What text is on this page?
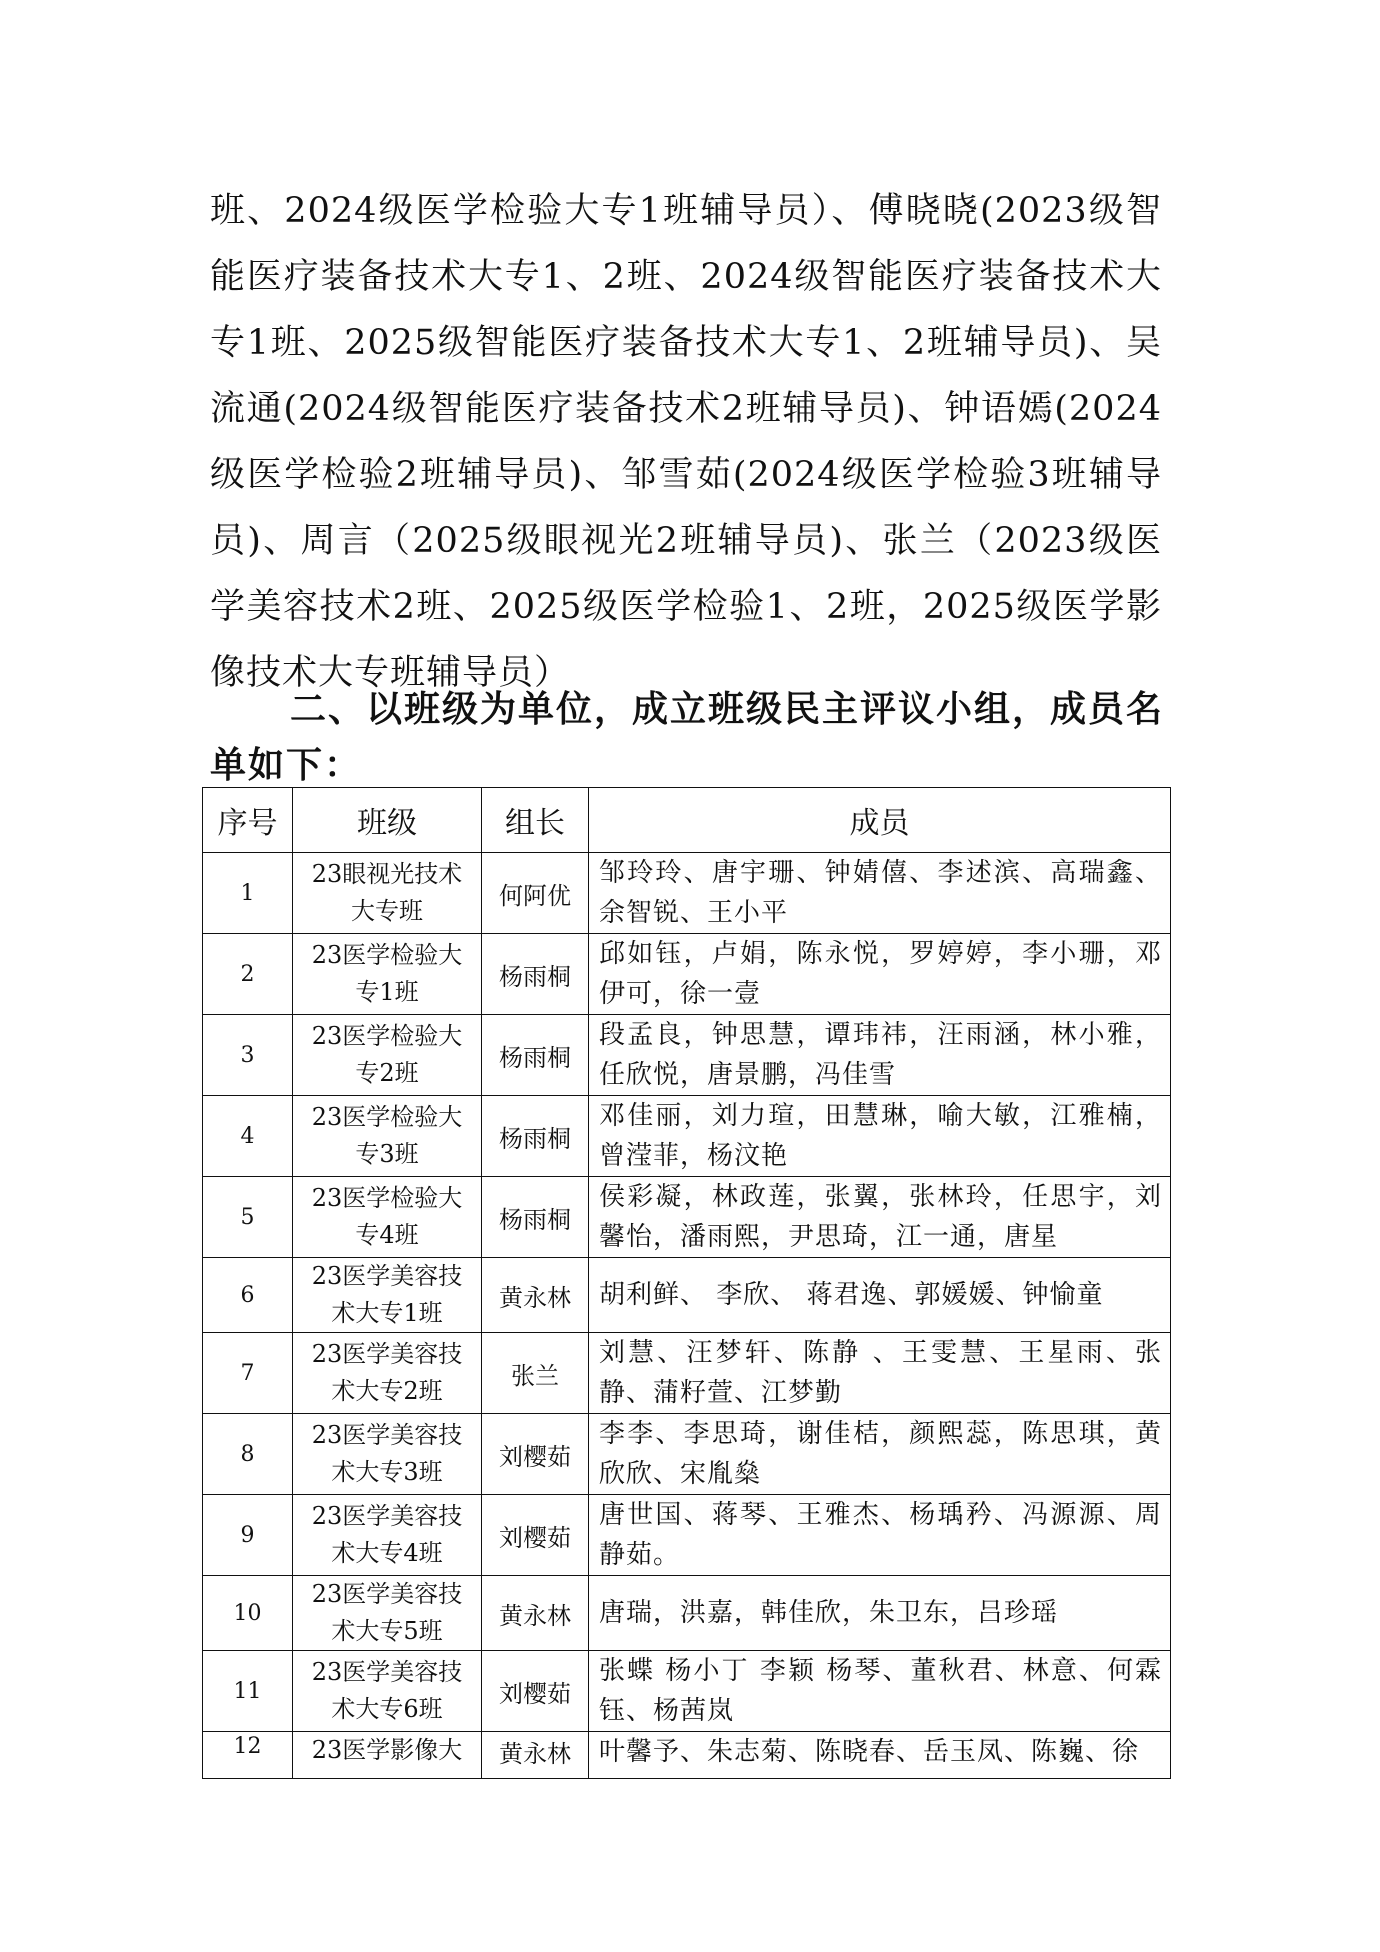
班、2024级医学检验大专1班辅导员）、傅晓晓(2023级智能医疗装备技术大专1、2班、2024级智能医疗装备技术大专1班、2025级智能医疗装备技术大专1、2班辅导员)、吴流通(2024级智能医疗装备技术2班辅导员)、钟语嫣(2024级医学检验2班辅导员)、邹雪茹(2024级医学检验3班辅导员)、周言（2025级眼视光2班辅导员)、张兰（2023级医学美容技术2班、2025级医学检验1、2班，2025级医学影像技术大专班辅导员）

二、以班级为单位，成立班级民主评议小组，成员名单如下：

序号	班级	组长	成员
1	23眼视光技术大专班	何阿优	邹玲玲、唐宇珊、钟婧僖、李述滨、高瑞鑫、余智锐、王小平
2	23医学检验大专1班	杨雨桐	邱如钰，卢娟，陈永悦，罗婷婷，李小珊，邓伊可，徐一壹
3	23医学检验大专2班	杨雨桐	段孟良，钟思慧，谭玮祎，汪雨涵，林小雅，任欣悦，唐景鹏，冯佳雪
4	23医学检验大专3班	杨雨桐	邓佳丽，刘力瑄，田慧琳，喻大敏，江雅楠，曾滢菲，杨汶艳
5	23医学检验大专4班	杨雨桐	侯彩凝，林政莲，张翼，张林玲，任思宇，刘馨怡，潘雨熙，尹思琦，江一通，唐星
6	23医学美容技术大专1班	黄永林	胡利鲜、 李欣、 蒋君逸、郭媛媛、钟愉童
7	23医学美容技术大专2班	张兰	刘慧、汪梦轩、陈静 、王雯慧、王星雨、张静、蒲籽萱、江梦勤
8	23医学美容技术大专3班	刘樱茹	李李、李思琦，谢佳桔，颜熙蕊，陈思琪，黄欣欣、宋胤燊
9	23医学美容技术大专4班	刘樱茹	唐世国、蒋琴、王雅杰、杨瑀矜、冯源源、周静茹。
10	23医学美容技术大专5班	黄永林	唐瑞，洪嘉，韩佳欣，朱卫东，吕珍瑶
11	23医学美容技术大专6班	刘樱茹	张蝶 杨小丁 李颖 杨琴、董秋君、林意、何霖钰、杨茜岚
12	23医学影像大	黄永林	叶馨予、朱志菊、陈晓春、岳玉凤、陈巍、徐
